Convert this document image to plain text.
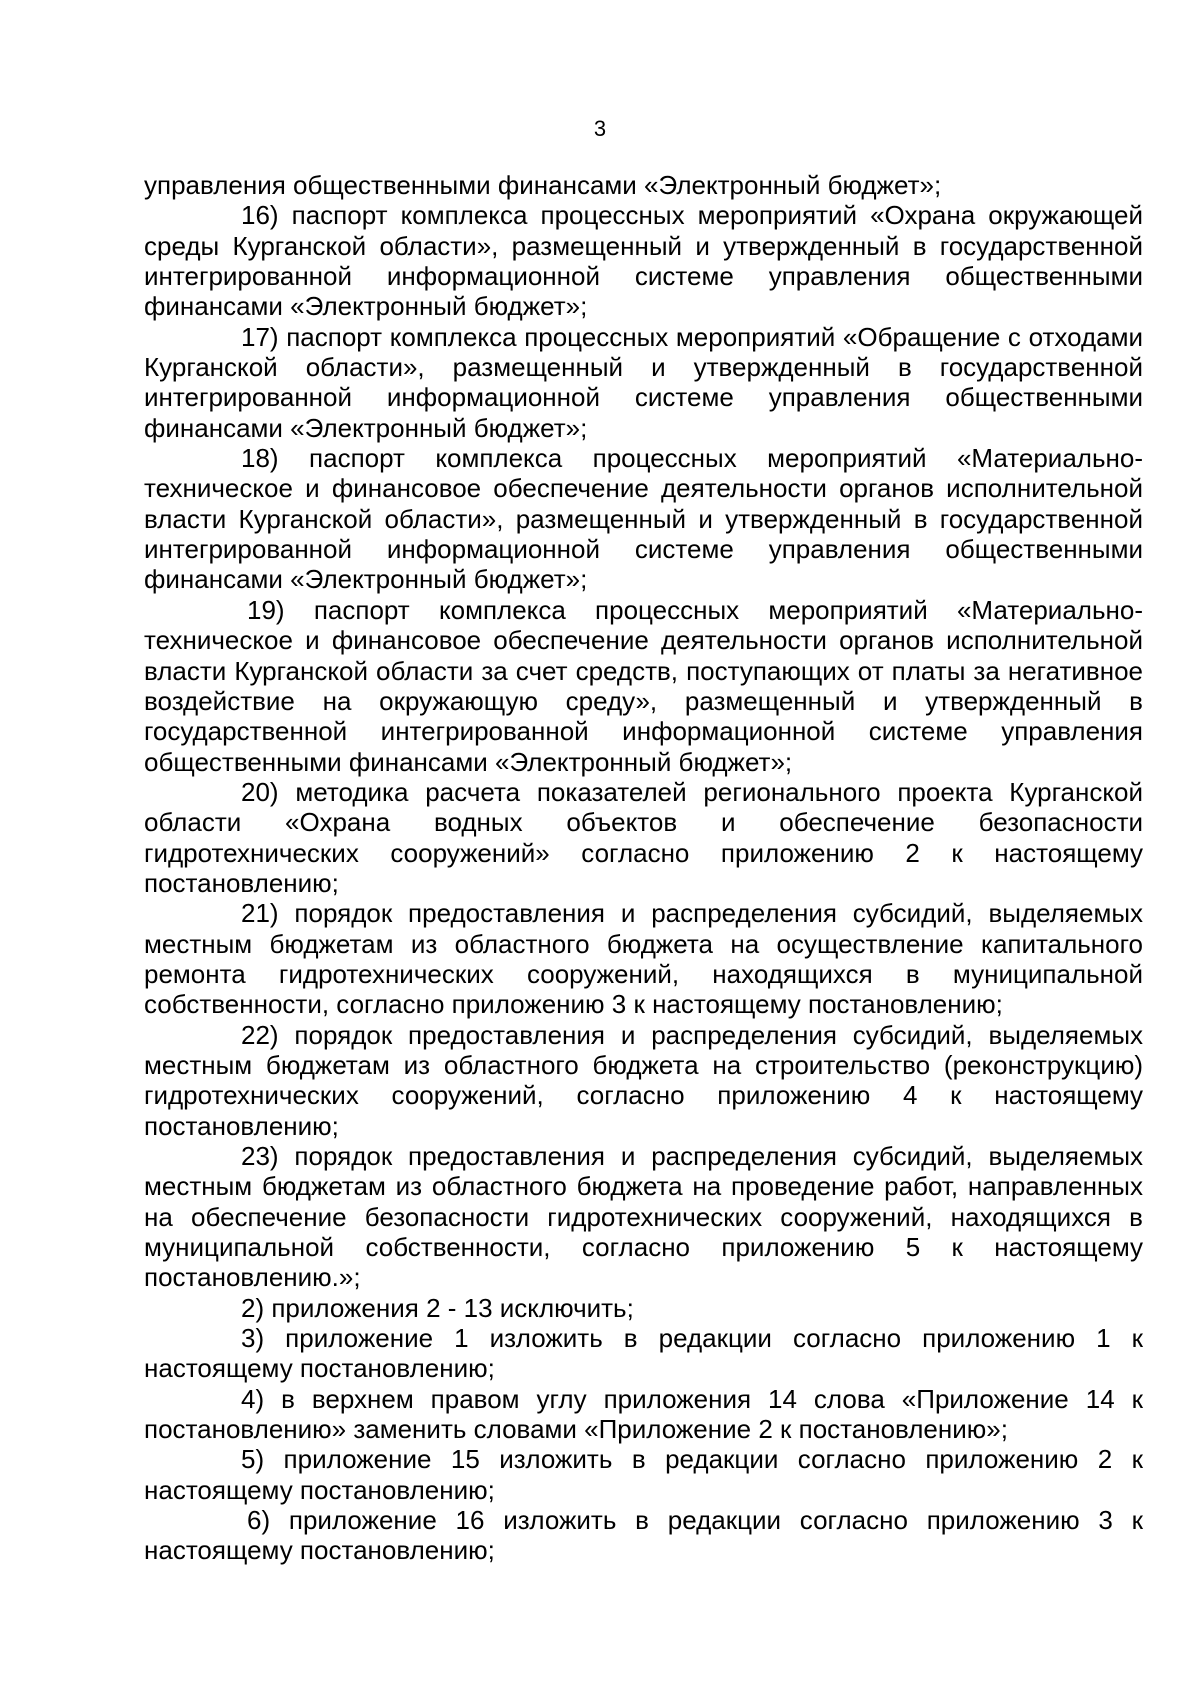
3

управления общественными финансами «Электронный бюджет»;

16) паспорт комплекса процессных мероприятий «Охрана окружающей среды Курганской области», размещенный и утвержденный в государственной интегрированной информационной системе управления общественными финансами «Электронный бюджет»;

17) паспорт комплекса процессных мероприятий «Обращение с отходами Курганской области», размещенный и утвержденный в государственной интегрированной информационной системе управления общественными финансами «Электронный бюджет»;

18) паспорт комплекса процессных мероприятий «Материально-техническое и финансовое обеспечение деятельности органов исполнительной власти Курганской области», размещенный и утвержденный в государственной интегрированной информационной системе управления общественными финансами «Электронный бюджет»;

19) паспорт комплекса процессных мероприятий «Материально-техническое и финансовое обеспечение деятельности органов исполнительной власти Курганской области за счет средств, поступающих от платы за негативное воздействие на окружающую среду», размещенный и утвержденный в государственной интегрированной информационной системе управления общественными финансами «Электронный бюджет»;

20) методика расчета показателей регионального проекта Курганской области «Охрана водных объектов и обеспечение безопасности гидротехнических сооружений» согласно приложению 2 к настоящему постановлению;

21) порядок предоставления и распределения субсидий, выделяемых местным бюджетам из областного бюджета на осуществление капитального ремонта гидротехнических сооружений, находящихся в муниципальной собственности, согласно приложению 3 к настоящему постановлению;

22) порядок предоставления и распределения субсидий, выделяемых местным бюджетам из областного бюджета на строительство (реконструкцию) гидротехнических сооружений, согласно приложению 4 к настоящему постановлению;

23) порядок предоставления и распределения субсидий, выделяемых местным бюджетам из областного бюджета на проведение работ, направленных на обеспечение безопасности гидротехнических сооружений, находящихся в муниципальной собственности, согласно приложению 5 к настоящему постановлению.»;

2) приложения 2 - 13 исключить;

3) приложение 1 изложить в редакции согласно приложению 1 к настоящему постановлению;

4) в верхнем правом углу приложения 14 слова «Приложение 14 к постановлению» заменить словами «Приложение 2 к постановлению»;

5) приложение 15 изложить в редакции согласно приложению 2 к настоящему постановлению;

6) приложение 16 изложить в редакции согласно приложению 3 к настоящему постановлению;
